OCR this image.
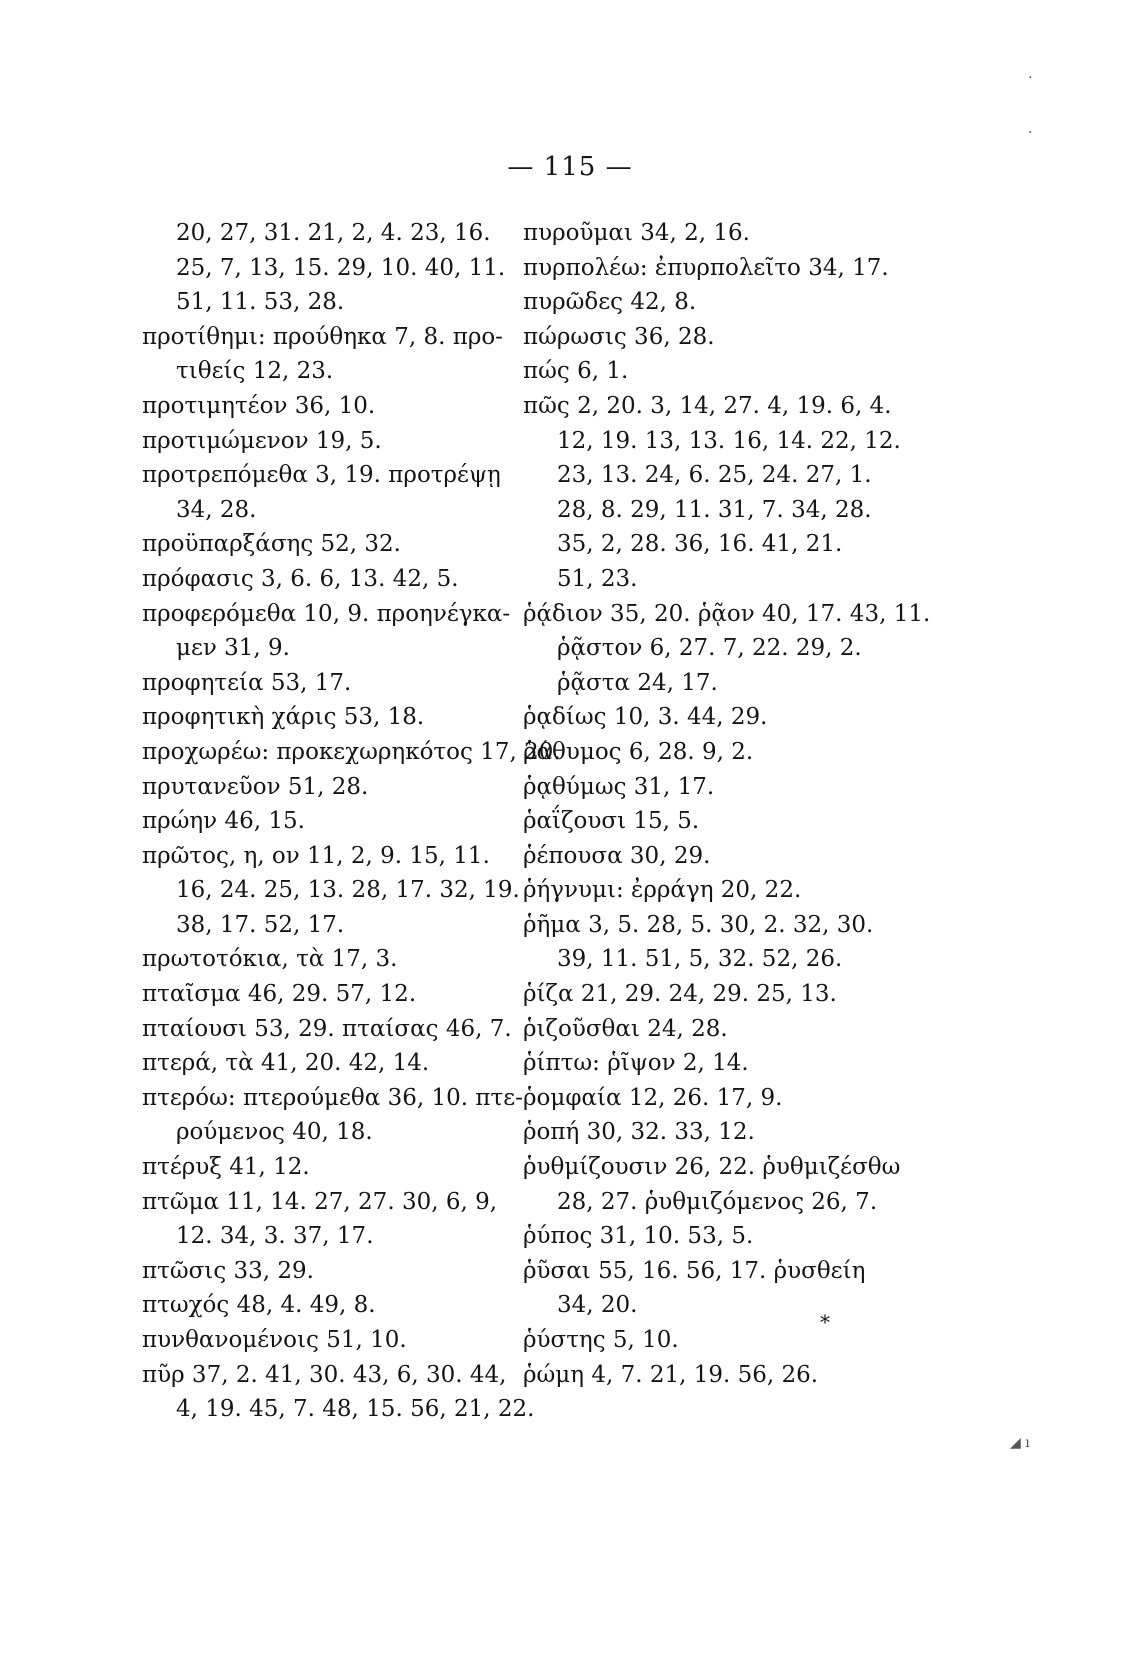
— 115 —
20, 27, 31. 21, 2, 4. 23, 16.
25, 7, 13, 15. 29, 10. 40, 11.
51, 11. 53, 28.
προτίθημι: προύθηκα 7, 8. προ-
τιθείς 12, 23.
προτιμητέον 36, 10.
προτιμώμενον 19, 5.
προτρεπόμεθα 3, 19. προτρέψῃ
34, 28.
προϋπαρξάσης 52, 32.
πρόφασις 3, 6. 6, 13. 42, 5.
προφερόμεθα 10, 9. προηνέγκα-
μεν 31, 9.
προφητεία 53, 17.
προφητικὴ χάρις 53, 18.
προχωρέω: προκεχωρηκότος 17, 20.
πρυτανεῦον 51, 28.
πρώην 46, 15.
πρῶτος, η, ον 11, 2, 9. 15, 11.
16, 24. 25, 13. 28, 17. 32, 19.
38, 17. 52, 17.
πρωτοτόκια, τὰ 17, 3.
πταῖσμα 46, 29. 57, 12.
πταίουσι 53, 29. πταίσας 46, 7.
πτερά, τὰ 41, 20. 42, 14.
πτερόω: πτερούμεθα 36, 10. πτε-
ρούμενος 40, 18.
πτέρυξ 41, 12.
πτῶμα 11, 14. 27, 27. 30, 6, 9,
12. 34, 3. 37, 17.
πτῶσις 33, 29.
πτωχός 48, 4. 49, 8.
πυνθανομένοις 51, 10.
πῦρ 37, 2. 41, 30. 43, 6, 30. 44,
4, 19. 45, 7. 48, 15. 56, 21, 22.
πυροῦμαι 34, 2, 16.
πυρπολέω: ἐπυρπολεῖτο 34, 17.
πυρῶδες 42, 8.
πώρωσις 36, 28.
πώς 6, 1.
πῶς 2, 20. 3, 14, 27. 4, 19. 6, 4.
12, 19. 13, 13. 16, 14. 22, 12.
23, 13. 24, 6. 25, 24. 27, 1.
28, 8. 29, 11. 31, 7. 34, 28.
35, 2, 28. 36, 16. 41, 21.
51, 23.
ῥᾴδιον 35, 20. ῥᾷον 40, 17. 43, 11.
ῥᾷστον 6, 27. 7, 22. 29, 2.
ῥᾷστα 24, 17.
ῥᾳδίως 10, 3. 44, 29.
ῥάθυμος 6, 28. 9, 2.
ῥᾳθύμως 31, 17.
ῥαΐζουσι 15, 5.
ῥέπουσα 30, 29.
ῥήγνυμι: ἐρράγη 20, 22.
ῥῆμα 3, 5. 28, 5. 30, 2. 32, 30.
39, 11. 51, 5, 32. 52, 26.
ῥίζα 21, 29. 24, 29. 25, 13.
ῥιζοῦσθαι 24, 28.
ῥίπτω: ῥῖψον 2, 14.
ῥομφαία 12, 26. 17, 9.
ῥοπή 30, 32. 33, 12.
ῥυθμίζουσιν 26, 22. ῥυθμιζέσθω
28, 27. ῥυθμιζόμενος 26, 7.
ῥύπος 31, 10. 53, 5.
ῥῦσαι 55, 16. 56, 17. ῥυσθείη
34, 20.
ῥύστης 5, 10.
ῥώμη 4, 7. 21, 19. 56, 26.
*
·
·
◢ ı
